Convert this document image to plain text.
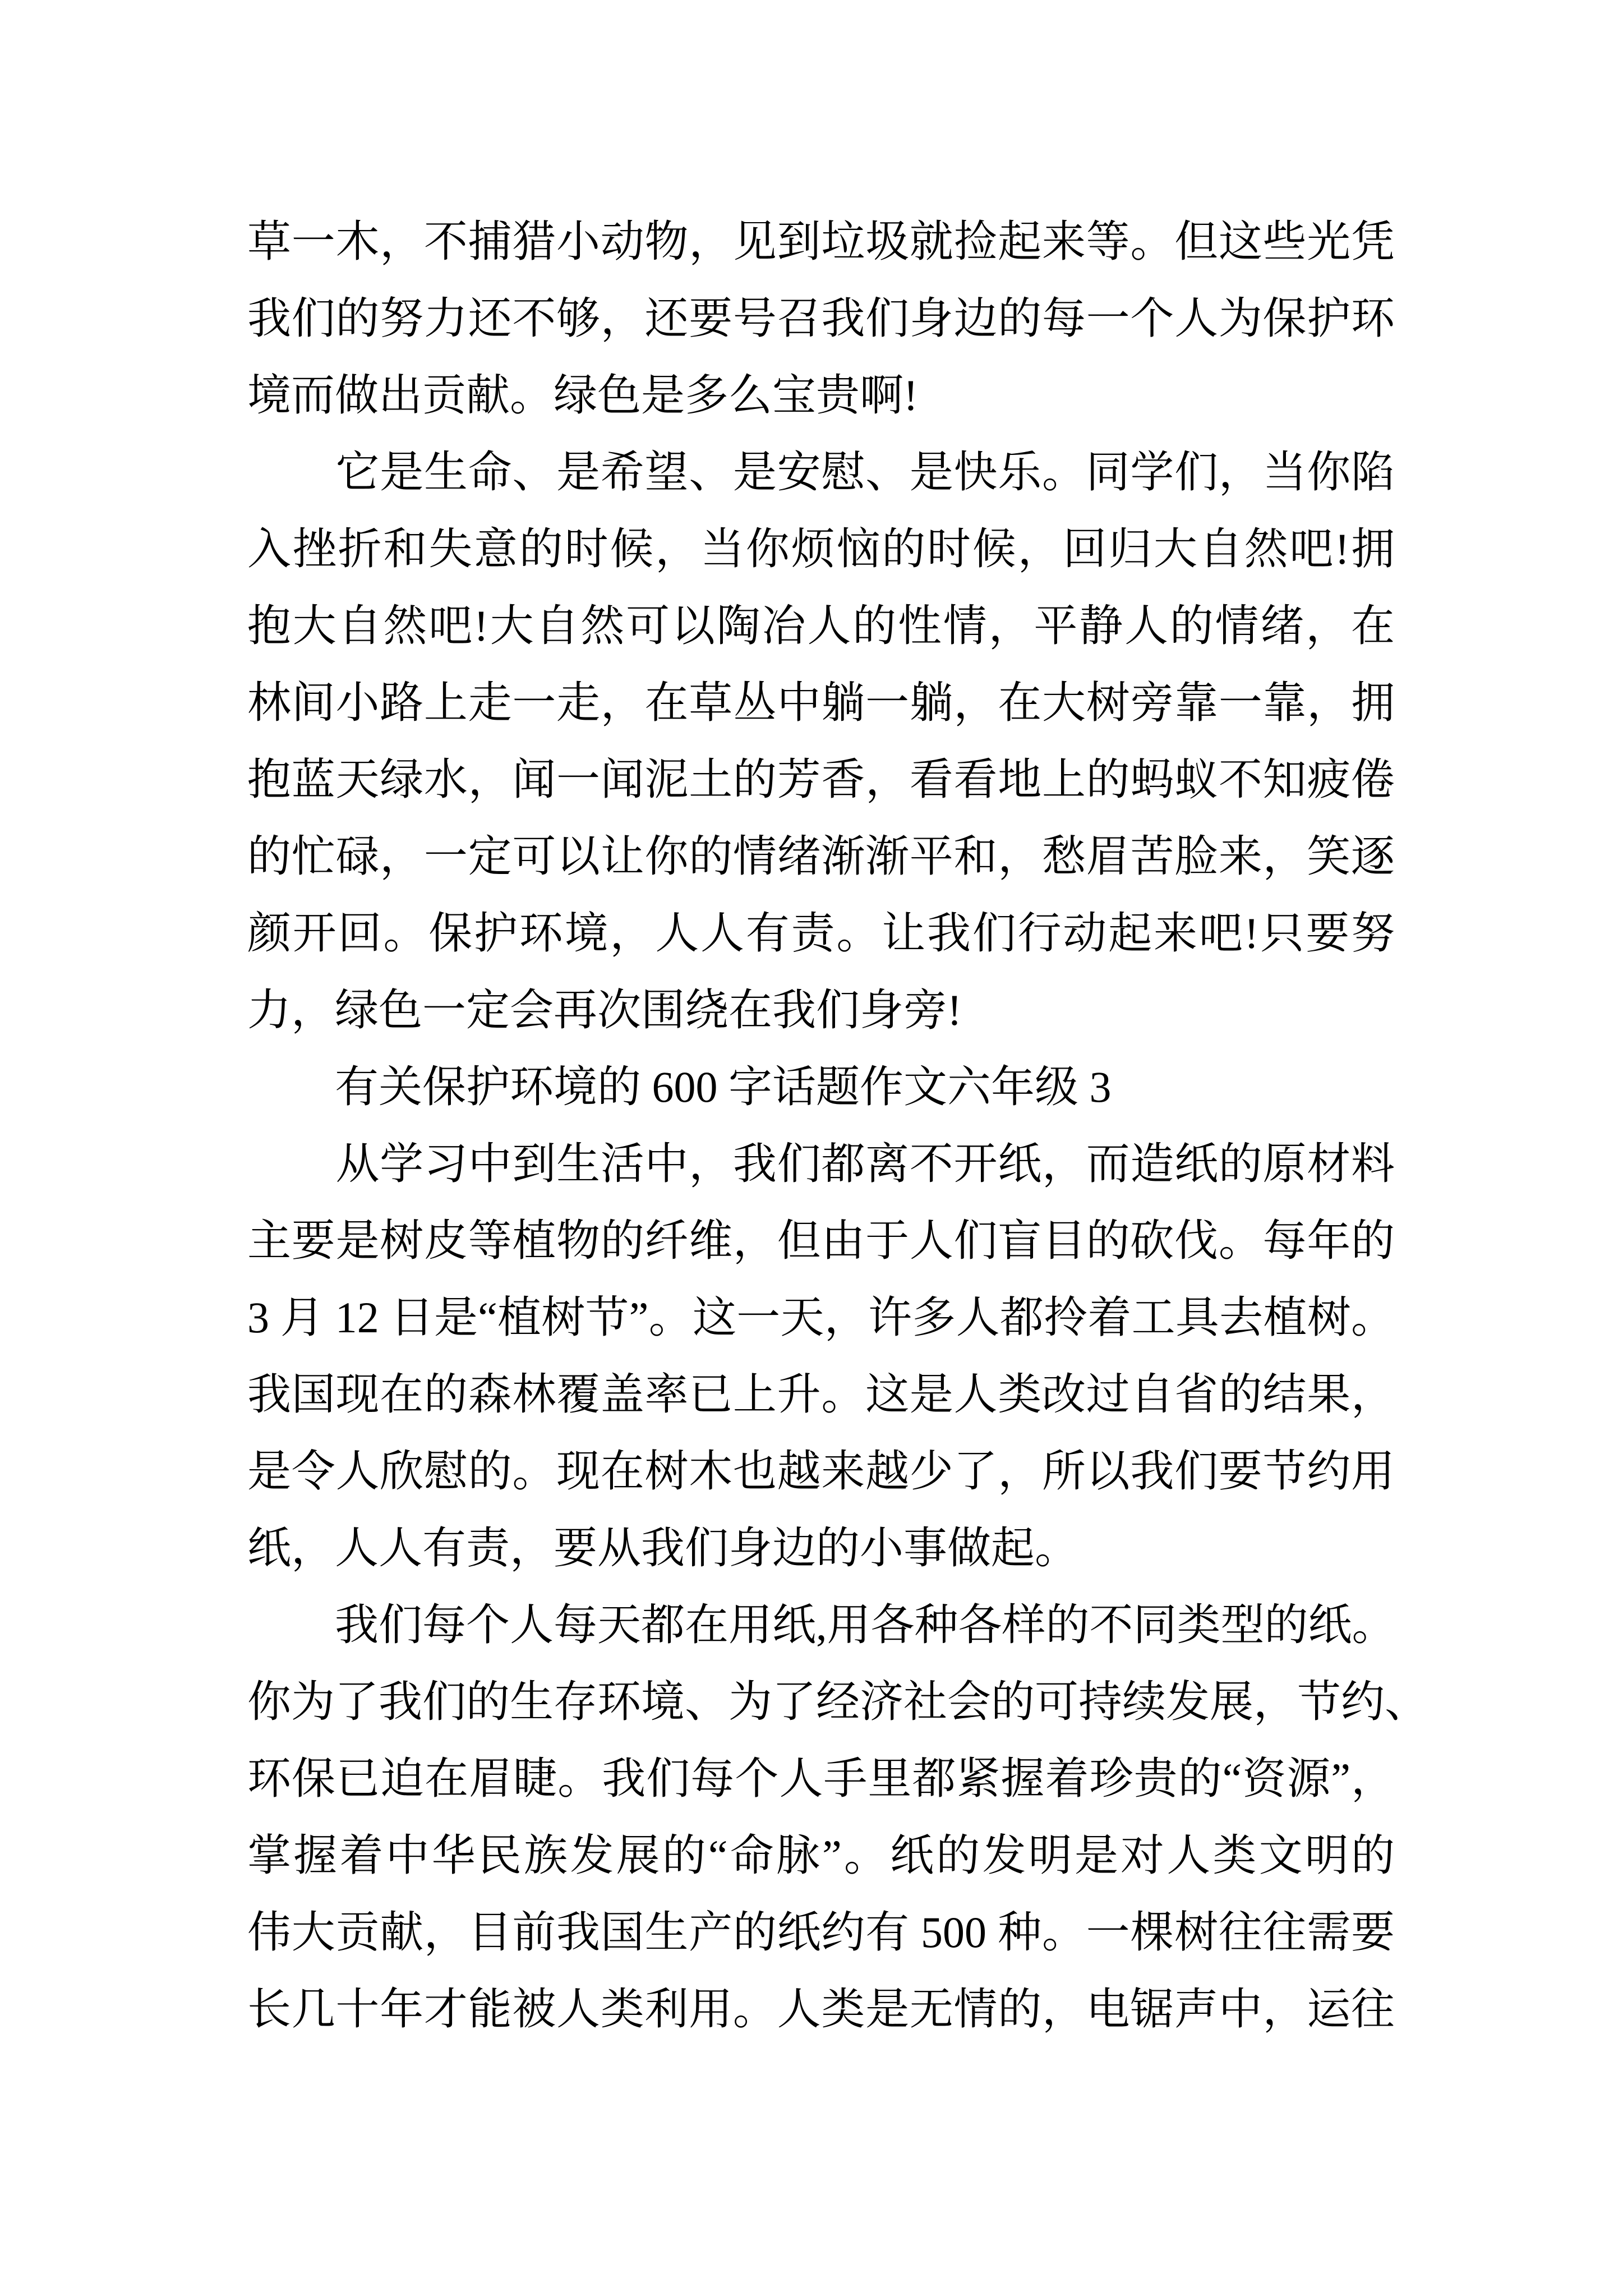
草一木，不捕猎小动物，见到垃圾就捡起来等。但这些光凭
我们的努力还不够，还要号召我们身边的每一个人为保护环
境而做出贡献。绿色是多么宝贵啊!
　　它是生命、是希望、是安慰、是快乐。同学们，当你陷
入挫折和失意的时候，当你烦恼的时候，回归大自然吧!拥
抱大自然吧!大自然可以陶冶人的性情，平静人的情绪，在
林间小路上走一走，在草丛中躺一躺，在大树旁靠一靠，拥
抱蓝天绿水，闻一闻泥土的芳香，看看地上的蚂蚁不知疲倦
的忙碌，一定可以让你的情绪渐渐平和，愁眉苦脸来，笑逐
颜开回。保护环境，人人有责。让我们行动起来吧!只要努
力，绿色一定会再次围绕在我们身旁!
　　有关保护环境的 600 字话题作文六年级 3
　　从学习中到生活中，我们都离不开纸，而造纸的原材料
主要是树皮等植物的纤维，但由于人们盲目的砍伐。每年的
3 月 12 日是“植树节”。这一天，许多人都拎着工具去植树。
我国现在的森林覆盖率已上升。这是人类改过自省的结果，
是令人欣慰的。现在树木也越来越少了，所以我们要节约用
纸，人人有责，要从我们身边的小事做起。
　　我们每个人每天都在用纸,用各种各样的不同类型的纸。
你为了我们的生存环境、为了经济社会的可持续发展，节约、
环保已迫在眉睫。我们每个人手里都紧握着珍贵的“资源”，
掌握着中华民族发展的“命脉”。纸的发明是对人类文明的
伟大贡献，目前我国生产的纸约有 500 种。一棵树往往需要
长几十年才能被人类利用。人类是无情的，电锯声中，运往
